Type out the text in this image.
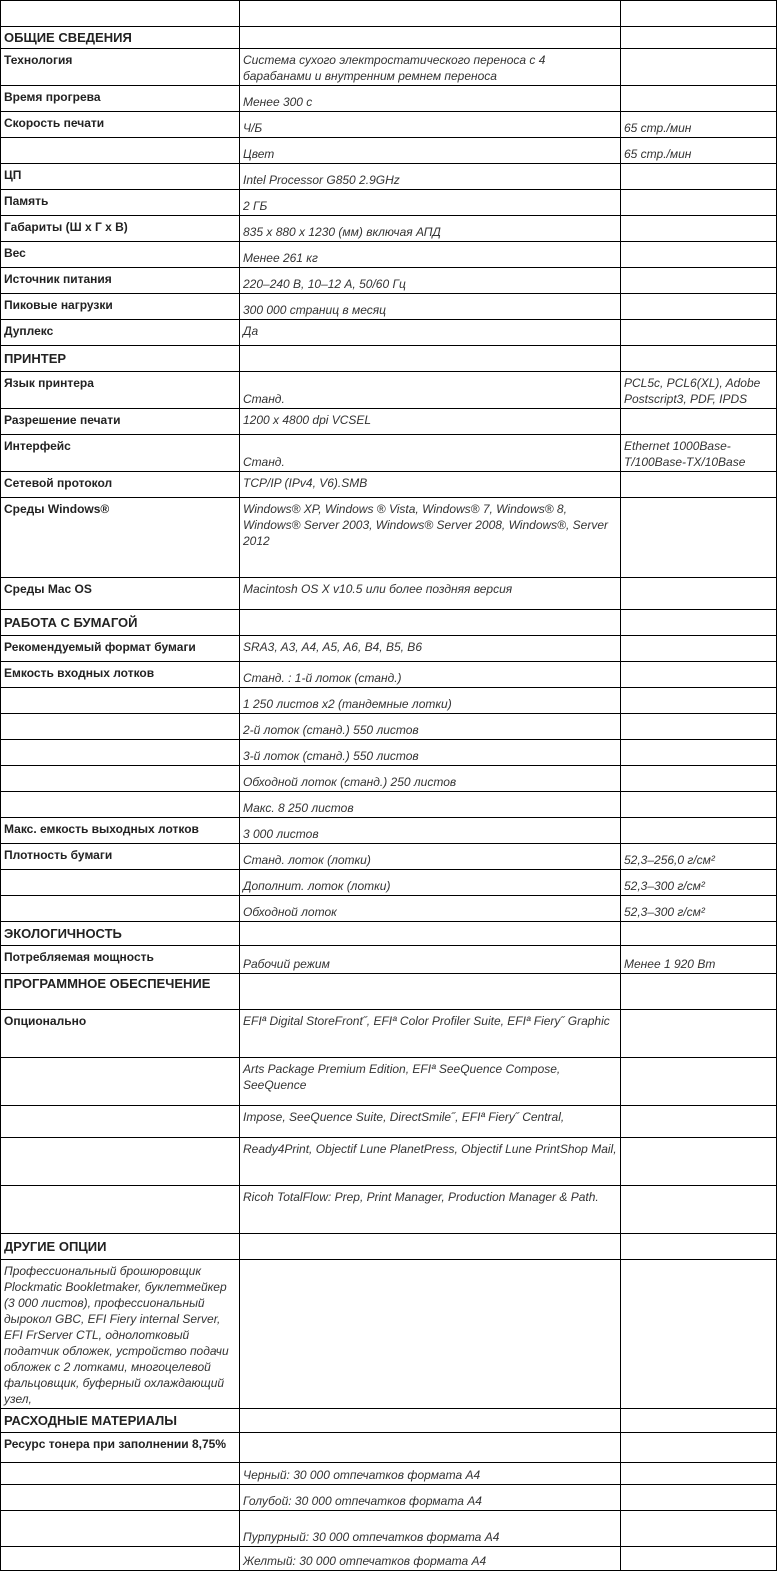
ОБЩИЕ СВЕДЕНИЯ		
Технология	Система сухого электростатического переноса с 4 барабанами и внутренним ремнем переноса	
Время прогрева	Менее 300 с	
Скорость печати	Ч/Б	65 стр./мин
	Цвет	65 стр./мин
ЦП	Intel Processor G850 2.9GHz	
Память	2 ГБ	
Габариты (Ш x Г x В)	835 x 880 x 1230 (мм) включая АПД	
Вес	Менее 261 кг	
Источник питания	220–240 В, 10–12 А, 50/60 Гц	
Пиковые нагрузки	300 000 страниц в месяц	
Дуплекс	Да	
ПРИНТЕР		
Язык принтера	Станд.	PCL5c, PCL6(XL), Adobe Postscript3, PDF, IPDS
Разрешение печати	1200 x 4800 dpi VCSEL	
Интерфейс	Станд.	Ethernet 1000Base-T/100Base-TX/10Base
Сетевой протокол	TCP/IP (IPv4, V6).SMB	
Среды Windows®	Windows® XP, Windows ® Vista, Windows® 7, Windows® 8, Windows® Server 2003, Windows® Server 2008, Windows®, Server 2012	
Среды Mac OS	Macintosh OS X v10.5 или более поздняя версия	
РАБОТА С БУМАГОЙ		
Рекомендуемый формат бумаги	SRA3, A3, A4, A5, A6, B4, B5, B6	
Емкость входных лотков	Станд. : 1-й лоток (станд.)	
	1 250 листов x2 (тандемные лотки)	
	2-й лоток (станд.) 550 листов	
	3-й лоток (станд.) 550 листов	
	Обходной лоток (станд.) 250 листов	
	Макс. 8 250 листов	
Макс. емкость выходных лотков	3 000 листов	
Плотность бумаги	Станд. лоток (лотки)	52,3–256,0 г/см²
	Дополнит. лоток (лотки)	52,3–300 г/см²
	Обходной лоток	52,3–300 г/см²
ЭКОЛОГИЧНОСТЬ		
Потребляемая мощность	Рабочий режим	Менее 1 920 Вт
ПРОГРАММНОЕ ОБЕСПЕЧЕНИЕ		
Опционально	EFIª Digital StoreFront˝, EFIª Color Profiler Suite, EFIª Fiery˝ Graphic	
	Arts Package Premium Edition, EFIª SeeQuence Compose, SeeQuence	
	Impose, SeeQuence Suite, DirectSmile˝, EFIª Fiery˝ Central,	
	Ready4Print, Objectif Lune PlanetPress, Objectif Lune PrintShop Mail,	
	Ricoh TotalFlow: Prep, Print Manager, Production Manager & Path.	
ДРУГИЕ ОПЦИИ		
Профессиональный брошюровщик Plockmatic Bookletmaker, буклетмейкер (3 000 листов), профессиональный дырокол GBC, EFI Fiery internal Server, EFI FrServer CTL, однолотковый податчик обложек, устройство подачи обложек с 2 лотками, многоцелевой фальцовщик, буферный охлаждающий узел,		
РАСХОДНЫЕ МАТЕРИАЛЫ		
Ресурс тонера при заполнении 8,75%		
	Черный: 30 000 отпечатков формата A4	
	Голубой: 30 000 отпечатков формата A4	
	Пурпурный: 30 000 отпечатков формата A4	
	Желтый: 30 000 отпечатков формата A4	
